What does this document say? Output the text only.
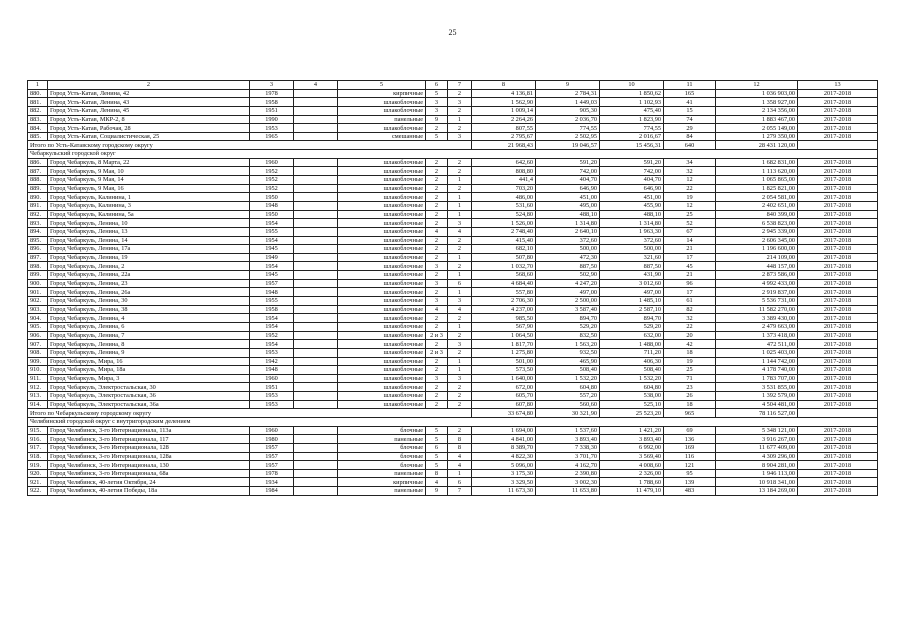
25
1	2	3	4	5	6	7	8	9	10	11	12	13
880.	Город Усть-Катав, Ленина, 42	1978		кирпичные	5	2	4 136,81	2 784,31	1 850,62	165	1 036 903,00	2017-2018
881.	Город Усть-Катав, Ленина, 43	1958		шлакоблочные	3	3	1 562,90	1 449,03	1 102,93	41	1 358 927,00	2017-2018
882.	Город Усть-Катав, Ленина, 45	1951		шлакоблочные	3	2	1 009,14	905,30	475,40	15	2 134 356,00	2017-2018
883.	Город Усть-Катав, МКР-2, 8	1990		панельные	9	1	2 264,26	2 036,70	1 823,90	74	1 883 467,00	2017-2018
884.	Город Усть-Катав, Рабочая, 28	1953		шлакоблочные	2	2	807,55	774,55	774,55	29	2 055 149,00	2017-2018
885.	Город Усть-Катав, Социалистическая, 25	1965		смешанные	5	3	2 795,67	2 502,95	2 016,67	84	1 279 350,00	2017-2018
Итого по Усть-Катавскому городскому округу							21 968,43	19 046,57	15 456,31	640	28 431 120,00	
Чебаркульский городской округ												
886.	Город Чебаркуль, 8 Марта, 22	1960		шлакоблочные	2	2	642,60	591,20	591,20	34	1 682 831,00	2017-2018
887.	Город Чебаркуль, 9 Мая, 10	1952		шлакоблочные	2	2	808,80	742,00	742,00	32	1 113 620,00	2017-2018
888.	Город Чебаркуль, 9 Мая, 14	1952		шлакоблочные	2	1	441,4	404,70	404,70	12	1 065 865,00	2017-2018
889.	Город Чебаркуль, 9 Мая, 16	1952		шлакоблочные	2	2	703,20	646,90	646,90	22	1 825 821,00	2017-2018
890.	Город Чебаркуль, Калинина, 1	1950		шлакоблочные	2	1	486,00	451,00	451,00	19	2 054 581,00	2017-2018
891.	Город Чебаркуль, Калинина, 3	1948		шлакоблочные	2	1	531,60	495,00	455,90	12	2 402 651,00	2017-2018
892.	Город Чебаркуль, Калинина, 5а	1950		шлакоблочные	2	1	524,80	488,10	488,10	25	840 399,00	2017-2018
893.	Город Чебаркуль, Ленина, 10	1954		шлакоблочные	2	3	1 526,00	1 314,80	1 314,80	52	6 538 823,00	2017-2018
894.	Город Чебаркуль, Ленина, 13	1955		шлакоблочные	4	4	2 748,40	2 640,10	1 963,30	67	2 945 339,00	2017-2018
895.	Город Чебаркуль, Ленина, 14	1954		шлакоблочные	2	2	415,40	372,60	372,60	14	2 606 345,00	2017-2018
896.	Город Чебаркуль, Ленина, 17а	1945		шлакоблочные	2	2	682,10	500,00	500,00	21	1 196 600,00	2017-2018
897.	Город Чебаркуль, Ленина, 19	1949		шлакоблочные	2	1	507,80	472,30	321,60	17	214 109,00	2017-2018
898.	Город Чебаркуль, Ленина, 2	1954		шлакоблочные	3	2	1 032,70	887,50	887,50	45	448 157,00	2017-2018
899.	Город Чебаркуль, Ленина, 22а	1945		шлакоблочные	2	1	568,60	502,90	431,90	21	2 873 586,00	2017-2018
900.	Город Чебаркуль, Ленина, 23	1957		шлакоблочные	3	6	4 684,40	4 247,20	3 012,60	96	4 992 433,00	2017-2018
901.	Город Чебаркуль, Ленина, 26а	1948		шлакоблочные	2	1	557,80	497,00	497,00	17	2 919 837,00	2017-2018
902.	Город Чебаркуль, Ленина, 30	1955		шлакоблочные	3	3	2 706,30	2 500,00	1 485,10	61	5 536 731,00	2017-2018
903.	Город Чебаркуль, Ленина, 38	1958		шлакоблочные	4	4	4 237,00	3 587,40	2 587,10	82	11 582 270,00	2017-2018
904.	Город Чебаркуль, Ленина, 4	1954		шлакоблочные	2	2	985,50	894,70	894,70	32	3 389 430,00	2017-2018
905.	Город Чебаркуль, Ленина, 6	1954		шлакоблочные	2	1	567,90	529,20	529,20	22	2 479 663,00	2017-2018
906.	Город Чебаркуль, Ленина, 7	1952		шлакоблочные	2 и 3	2	1 064,50	832,50	632,00	20	1 373 418,00	2017-2018
907.	Город Чебаркуль, Ленина, 8	1954		шлакоблочные	2	3	1 817,70	1 563,20	1 488,00	42	472 511,00	2017-2018
908.	Город Чебаркуль, Ленина, 9	1953		шлакоблочные	2 и 3	2	1 275,80	932,50	711,20	18	1 025 403,00	2017-2018
909.	Город Чебаркуль, Мира, 16	1942		шлакоблочные	2	1	501,00	465,90	406,30	19	1 144 742,00	2017-2018
910.	Город Чебаркуль, Мира, 18а	1948		шлакоблочные	2	1	573,50	508,40	508,40	25	4 178 740,00	2017-2018
911.	Город Чебаркуль, Мира, 3	1960		шлакоблочные	3	3	1 640,00	1 532,20	1 532,20	71	1 783 707,00	2017-2018
912.	Город Чебаркуль, Электростальская, 30	1951		шлакоблочные	2	2	672,00	604,80	604,80	23	3 531 855,00	2017-2018
913.	Город Чебаркуль, Электростальская, 36	1953		шлакоблочные	2	2	605,70	557,20	538,00	26	1 392 579,00	2017-2018
914.	Город Чебаркуль, Электростальская, 36а	1953		шлакоблочные	2	2	607,80	560,60	525,10	18	4 504 481,00	2017-2018
Итого по Чебаркульскому городскому округу							33 674,80	30 321,90	25 523,20	965	78 116 527,00	
Челябинский городской округ с внутригородским делением												
915.	Город Челябинск, 3-го Интернационала, 113а	1960		блочные	5	2	1 694,00	1 537,60	1 421,20	69	5 348 121,00	2017-2018
916.	Город Челябинск, 3-го Интернационала, 117	1980		панельные	5	8	4 841,00	3 893,40	3 893,40	136	3 916 267,00	2017-2018
917.	Город Челябинск, 3-го Интернационала, 128	1957		блочные	6	8	8 389,70	7 338,30	6 992,00	169	11 677 409,00	2017-2018
918.	Город Челябинск, 3-го Интернационала, 128а	1957		блочные	5	4	4 822,30	3 701,70	3 569,40	116	4 309 296,00	2017-2018
919.	Город Челябинск, 3-го Интернационала, 130	1957		блочные	5	4	5 096,00	4 162,70	4 008,60	121	8 904 281,00	2017-2018
920.	Город Челябинск, 3-го Интернационала, 68а	1978		панельные	8	1	3 175,30	2 390,80	2 326,00	95	1 946 113,00	2017-2018
921.	Город Челябинск, 40-летия Октября, 24	1934		кирпичные	4	6	3 329,50	3 002,30	1 788,60	139	10 918 341,00	2017-2018
922.	Город Челябинск, 40-летия Победы, 18а	1984		панельные	9	7	11 673,30	11 653,80	11 479,10	483	13 184 269,00	2017-2018
